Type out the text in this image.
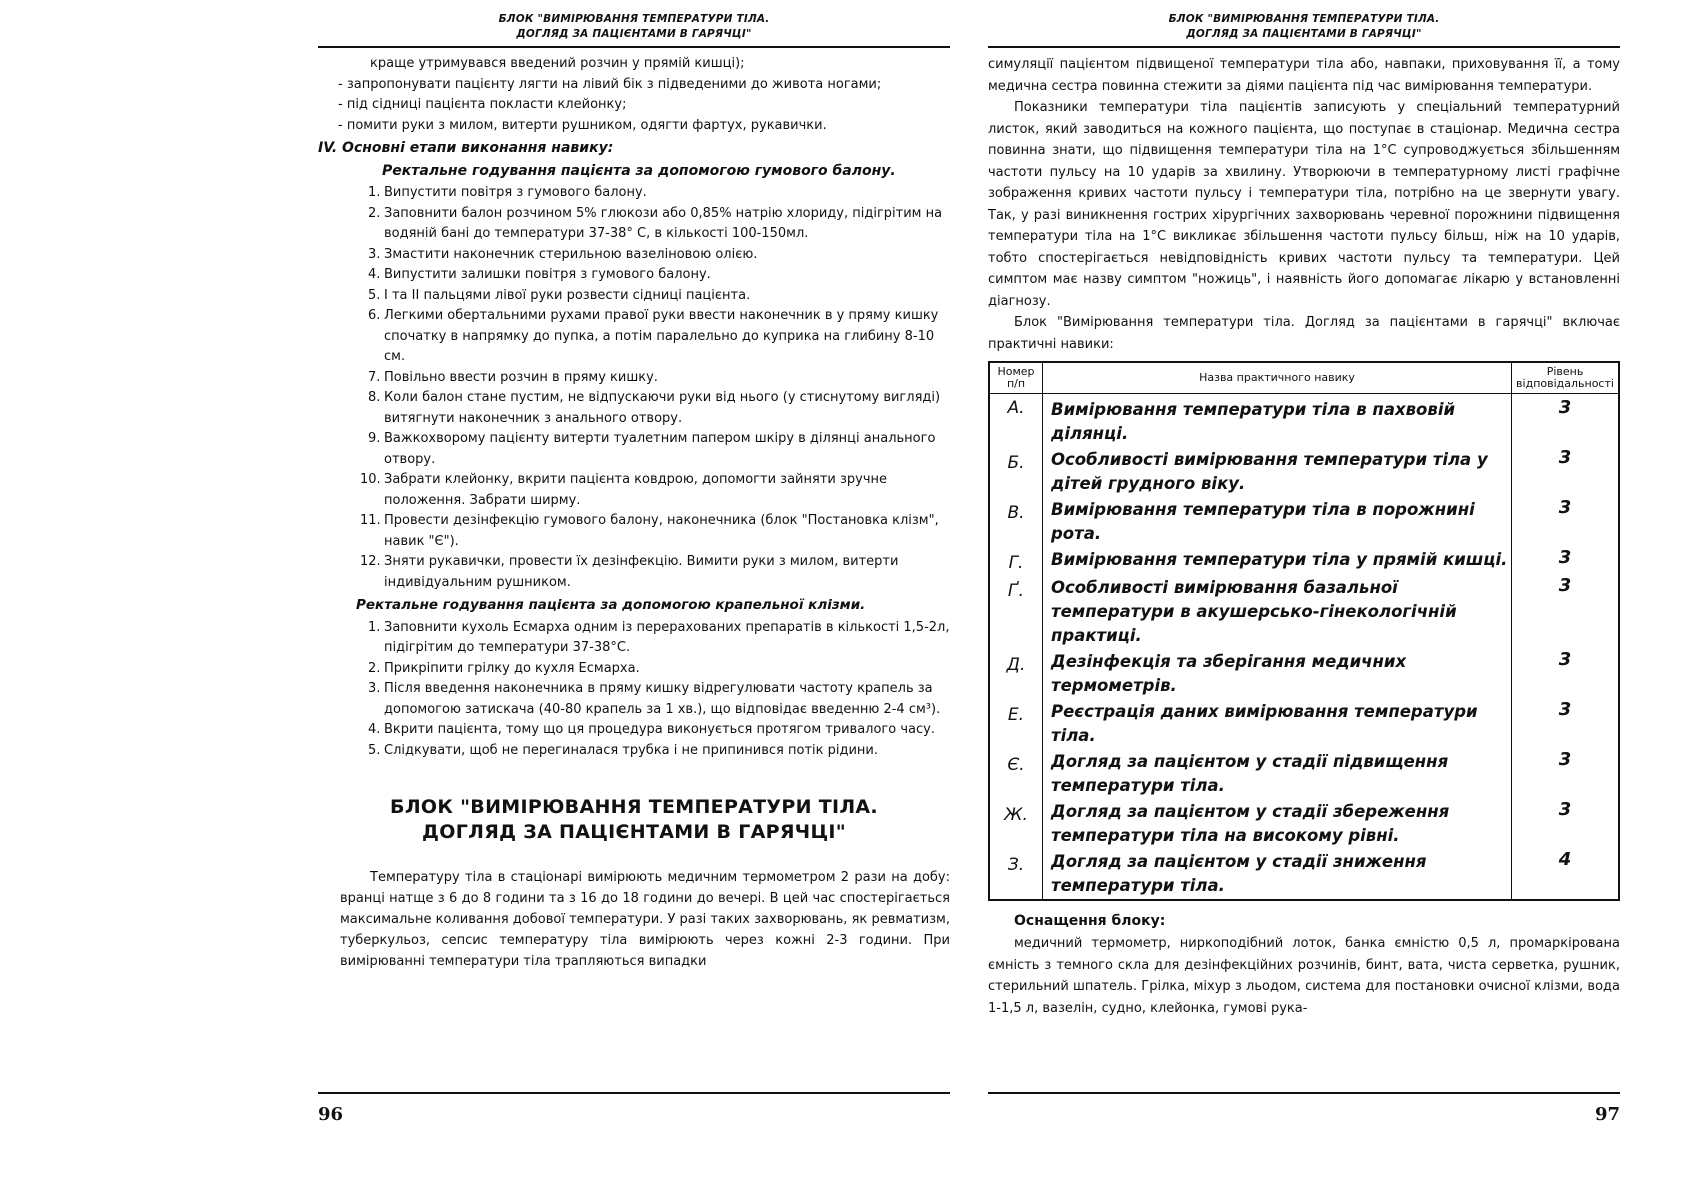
БЛОК "ВИМІРЮВАННЯ ТЕМПЕРАТУРИ ТІЛА.
ДОГЛЯД ЗА ПАЦІЄНТАМИ В ГАРЯЧЦІ"

краще утримувався введений розчин у прямій кишці);

- запропонувати пацієнту лягти на лівий бік з підведеними до живота ногами;
- під сідниці пацієнта покласти клейонку;
- помити руки з милом, витерти рушником, одягти фартух, рукавички.
IV. Основні етапи виконання навику:
Ректальне годування пацієнта за допомогою гумового балону.
1. Випустити повітря з гумового балону.
2. Заповнити балон розчином 5% глюкози або 0,85% натрію хлориду, підігрітим на водяній бані до температури 37-38° С, в кількості 100-150мл.
3. Змастити наконечник стерильною вазеліновою олією.
4. Випустити залишки повітря з гумового балону.
5. І та ІІ пальцями лівої руки розвести сідниці пацієнта.
6. Легкими обертальними рухами правої руки ввести наконечник в у пряму кишку спочатку в напрямку до пупка, а потім паралельно до куприка на глибину 8-10 см.
7. Повільно ввести розчин в пряму кишку.
8. Коли балон стане пустим, не відпускаючи руки від нього (у стиснутому вигляді) витягнути наконечник з анального отвору.
9. Важкохворому пацієнту витерти туалетним папером шкіру в ділянці анального отвору.
10. Забрати клейонку, вкрити пацієнта ковдрою, допомогти зайняти зручне положення. Забрати ширму.
11. Провести дезінфекцію гумового балону, наконечника (блок "Постановка клізм", навик "Є").
12. Зняти рукавички, провести їх дезінфекцію. Вимити руки з милом, витерти індивідуальним рушником.
Ректальне годування пацієнта за допомогою крапельної клізми.
1. Заповнити кухоль Есмарха одним із перерахованих препаратів в кількості 1,5-2л, підігрітим до температури 37-38°С.
2. Прикріпити грілку до кухля Есмарха.
3. Після введення наконечника в пряму кишку відрегулювати частоту крапель за допомогою затискача (40-80 крапель за 1 хв.), що відповідає введенню 2-4 см³).
4. Вкрити пацієнта, тому що ця процедура виконується протягом тривалого часу.
5. Слідкувати, щоб не перегиналася трубка і не припинився потік рідини.
БЛОК "ВИМІРЮВАННЯ ТЕМПЕРАТУРИ ТІЛА.
ДОГЛЯД ЗА ПАЦІЄНТАМИ В ГАРЯЧЦІ"

Температуру тіла в стаціонарі вимірюють медичним термометром 2 рази на добу: вранці натще з 6 до 8 години та з 16 до 18 години до вечері. В цей час спостерігається максимальне коливання добової температури. У разі таких захворювань, як ревматизм, туберкульоз, сепсис температуру тіла вимірюють через кожні 2-3 години. При вимірюванні температури тіла трапляються випадки

96
БЛОК "ВИМІРЮВАННЯ ТЕМПЕРАТУРИ ТІЛА.
ДОГЛЯД ЗА ПАЦІЄНТАМИ В ГАРЯЧЦІ"

симуляції пацієнтом підвищеної температури тіла або, навпаки, приховування її, а тому медична сестра повинна стежити за діями пацієнта під час вимірювання температури.

Показники температури тіла пацієнтів записують у спеціальний температурний листок, який заводиться на кожного пацієнта, що поступає в стаціонар. Медична сестра повинна знати, що підвищення температури тіла на 1°С супроводжується збільшенням частоти пульсу на 10 ударів за хвилину. Утворюючи в температурному листі графічне зображення кривих частоти пульсу і температури тіла, потрібно на це звернути увагу. Так, у разі виникнення гострих хірургічних захворювань черевної порожнини підвищення температури тіла на 1°С викликає збільшення частоти пульсу більш, ніж на 10 ударів, тобто спостерігається невідповідність кривих частоти пульсу та температури. Цей симптом має назву симптом "ножиць", і наявність його допомагає лікарю у встановленні діагнозу.

Блок "Вимірювання температури тіла. Догляд за пацієнтами в гарячці" включає практичні навики:

Номер п/п	Назва практичного навику	Рівень відповідальності
А.	Вимірювання температури тіла в пахвовій ділянці.	3
Б.	Особливості вимірювання температури тіла у дітей грудного віку.	3
В.	Вимірювання температури тіла в порожнині рота.	3
Г.	Вимірювання температури тіла у прямій кишці.	3
Ґ.	Особливості вимірювання базальної температури в акушерсько-гінекологічній практиці.	3
Д.	Дезінфекція та зберігання медичних термометрів.	3
Е.	Реєстрація даних вимірювання температури тіла.	3
Є.	Догляд за пацієнтом у стадії підвищення температури тіла.	3
Ж.	Догляд за пацієнтом у стадії збереження температури тіла на високому рівні.	3
З.	Догляд за пацієнтом у стадії зниження температури тіла.	4
Оснащення блоку:

медичний термометр, ниркоподібний лоток, банка ємністю 0,5 л, промаркірована ємність з темного скла для дезінфекційних розчинів, бинт, вата, чиста серветка, рушник, стерильний шпатель. Грілка, міхур з льодом, система для постановки очисної клізми, вода 1-1,5 л, вазелін, судно, клейонка, гумові рука-

97
